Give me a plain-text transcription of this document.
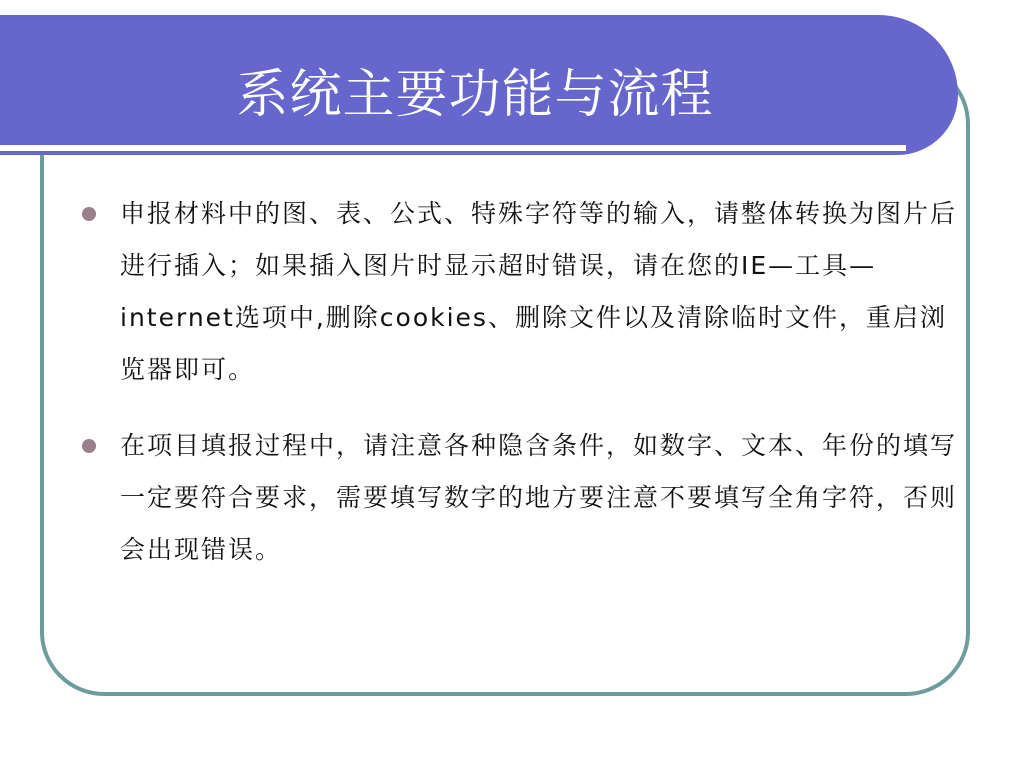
系统主要功能与流程
申报材料中的图、表、公式、特殊字符等的输入，请整体转换为图片后进行插入；如果插入图片时显示超时错误，请在您的IE—工具—internet选项中,删除cookies、删除文件以及清除临时文件，重启浏览器即可。
在项目填报过程中，请注意各种隐含条件，如数字、文本、年份的填写一定要符合要求，需要填写数字的地方要注意不要填写全角字符，否则会出现错误。
